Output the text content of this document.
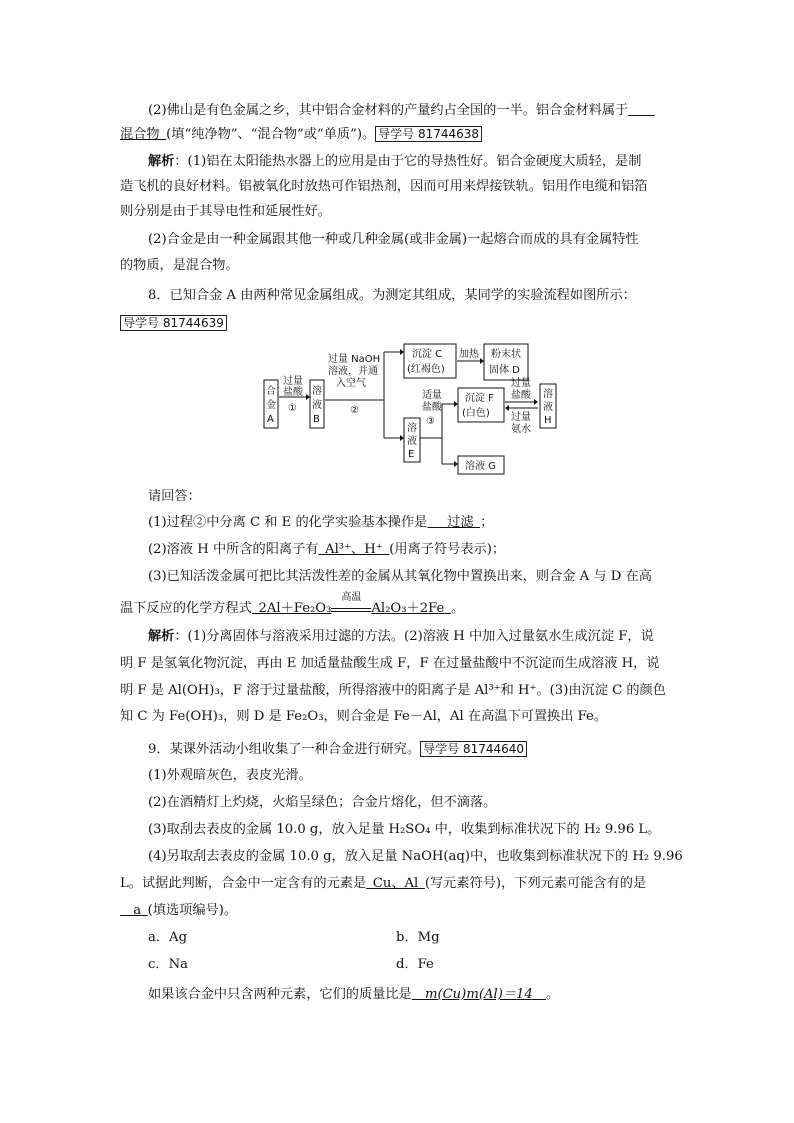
(2)佛山是有色金属之乡，其中铝合金材料的产量约占全国的一半。铝合金材料属于  
混合物  (填“纯净物”、“混合物”或“单质”)。 导学号 81744638
解析：(1)铝在太阳能热水器上的应用是由于它的导热性好。铝合金硬度大质轻，是制
造飞机的良好材料。铝被氧化时放热可作铝热剂，因而可用来焊接铁轨。铝用作电缆和铝箔
则分别是由于其导电性和延展性好。
(2)合金是由一种金属跟其他一种或几种金属(或非金属)一起熔合而成的具有金属特性
的物质，是混合物。
8．已知合金 A 由两种常见金属组成。为测定其组成，某同学的实验流程如图所示：
导学号 81744639
合
金
A
过量
盐酸
①
溶
液
B
过量 NaOH
溶液，并通
入空气
②
沉淀 C
(红褐色)
加热 粉末状
固体 D
溶
液
E
适量
盐酸
③
沉淀 F
(白色)
过量
盐酸
过量
氨水
溶
液
H
溶液 G
请回答：
(1)过程②中分离 C 和 E 的化学实验基本操作是   过滤  ；
(2)溶液 H 中所含的阳离子有  Al³⁺、H⁺  (用离子符号表示)；
(3)已知活泼金属可把比其活泼性差的金属从其氧化物中置换出来，则合金 A 与 D 在高
温下反应的化学方程式  2Al＋Fe₂O₃
高温
Al₂O₃＋2Fe  。
解析：(1)分离固体与溶液采用过滤的方法。(2)溶液 H 中加入过量氨水生成沉淀 F，说
明 F 是氢氧化物沉淀，再由 E 加适量盐酸生成 F，F 在过量盐酸中不沉淀而生成溶液 H，说
明 F 是 Al(OH)₃，F 溶于过量盐酸，所得溶液中的阳离子是 Al³⁺和 H⁺。(3)由沉淀 C 的颜色
知 C 为 Fe(OH)₃，则 D 是 Fe₂O₃，则合金是 Fe－Al，Al 在高温下可置换出 Fe。
9．某课外活动小组收集了一种合金进行研究。 导学号 81744640
(1)外观暗灰色，表皮光滑。
(2)在酒精灯上灼烧，火焰呈绿色；合金片熔化，但不滴落。
(3)取刮去表皮的金属 10.0 g，放入足量 H₂SO₄ 中，收集到标准状况下的 H₂ 9.96 L。
(4)另取刮去表皮的金属 10.0 g，放入足量 NaOH(aq)中，也收集到标准状况下的 H₂ 9.96
L。试据此判断，合金中一定含有的元素是  Cu、Al  (写元素符号)，下列元素可能含有的是
  a  (填选项编号)。
a．Ag	b．Mg
c．Na	d．Fe
如果该合金中只含两种元素，它们的质量比是  m(Cu)m(Al)＝14  。
